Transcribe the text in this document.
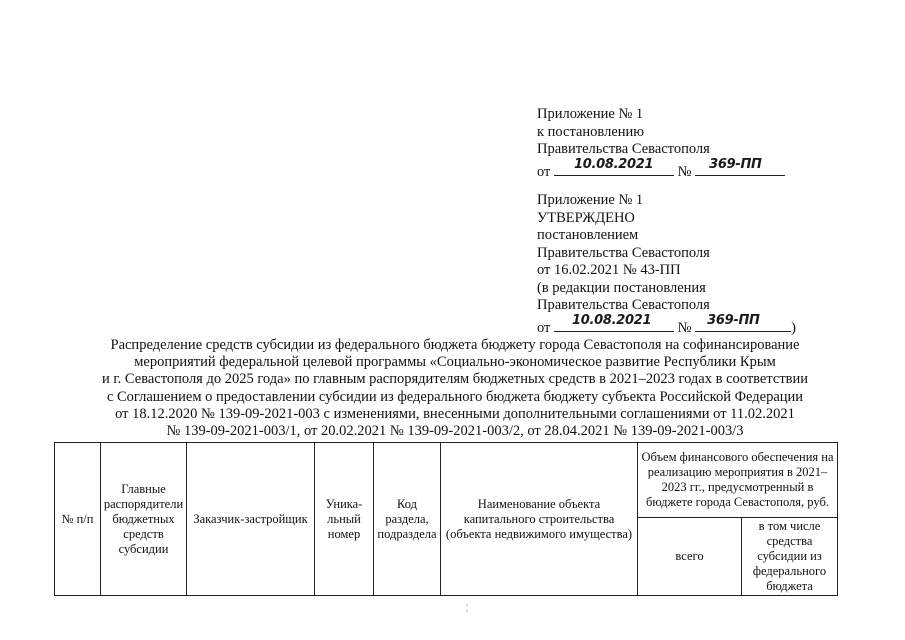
Приложение № 1
к постановлению
Правительства Севастополя
от 10.08.2021 № 369-ПП
Приложение № 1
УТВЕРЖДЕНО
постановлением
Правительства Севастополя
от 16.02.2021 № 43-ПП
(в редакции постановления
Правительства Севастополя
от 10.08.2021 № 369-ПП )
Распределение средств субсидии из федерального бюджета бюджету города Севастополя на софинансирование
мероприятий федеральной целевой программы «Социально-экономическое развитие Республики Крым
и г. Севастополя до 2025 года» по главным распорядителям бюджетных средств в 2021–2023 годах в соответствии
с Соглашением о предоставлении субсидии из федерального бюджета бюджету субъекта Российской Федерации
от 18.12.2020 № 139-09-2021-003 с изменениями, внесенными дополнительными соглашениями от 11.02.2021
№ 139-09-2021-003/1, от 20.02.2021 № 139-09-2021-003/2, от 28.04.2021 № 139-09-2021-003/3
№ п/п	Главные распорядители бюджетных средств субсидии	Заказчик-застройщик	Уника-льный номер	Код раздела, подраздела	Наименование объекта капитального строительства (объекта недвижимого имущества)	Объем финансового обеспечения на реализацию мероприятия в 2021–2023 гг., предусмотренный в бюджете города Севастополя, руб.	
						всего	в том числе средства субсидии из федерального бюджета
¦
